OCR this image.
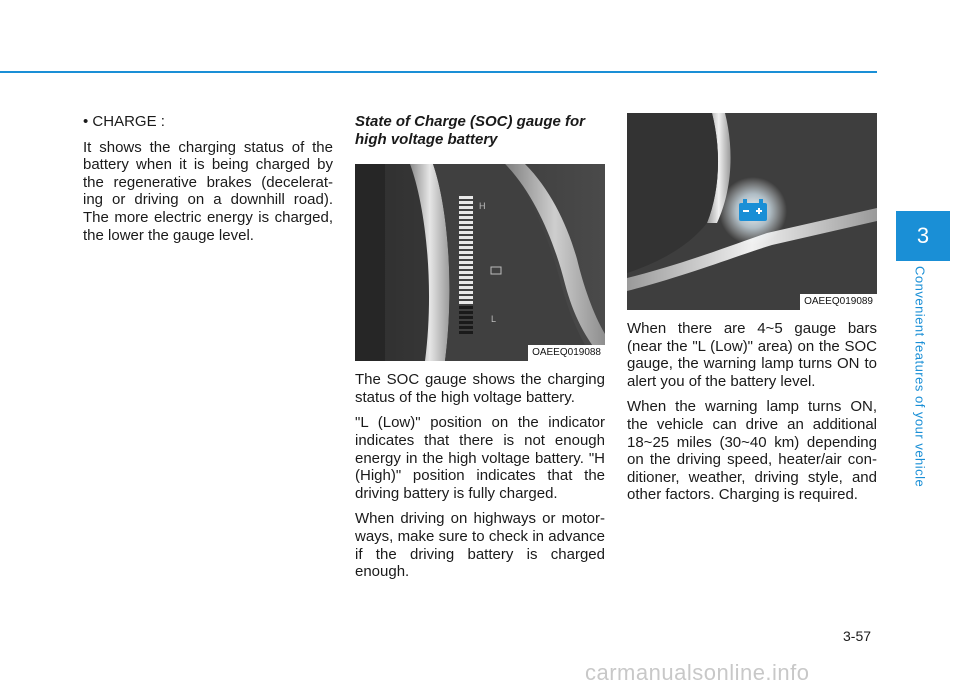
• CHARGE :

It shows the charging status of the battery when it is being charged by the regenerative brakes (decelerat-ing or driving on a downhill road). The more electric energy is charged, the lower the gauge level.

State of Charge (SOC) gauge for high voltage battery
H
L
OAEEQ019088

The SOC gauge shows the charging status of the high voltage battery.

"L (Low)" position on the indicator indicates that there is not enough energy in the high voltage battery. "H (High)" position indicates that the driving battery is fully charged.

When driving on highways or motor-ways, make sure to check in advance if the driving battery is charged enough.

OAEEQ019089

When there are 4~5 gauge bars (near the "L (Low)" area) on the SOC gauge, the warning lamp turns ON to alert you of the battery level.

When the warning lamp turns ON, the vehicle can drive an additional 18~25 miles (30~40 km) depending on the driving speed, heater/air con-ditioner, weather, driving style, and other factors. Charging is required.

3
Convenient features of your vehicle
3-57
carmanualsonline.info
